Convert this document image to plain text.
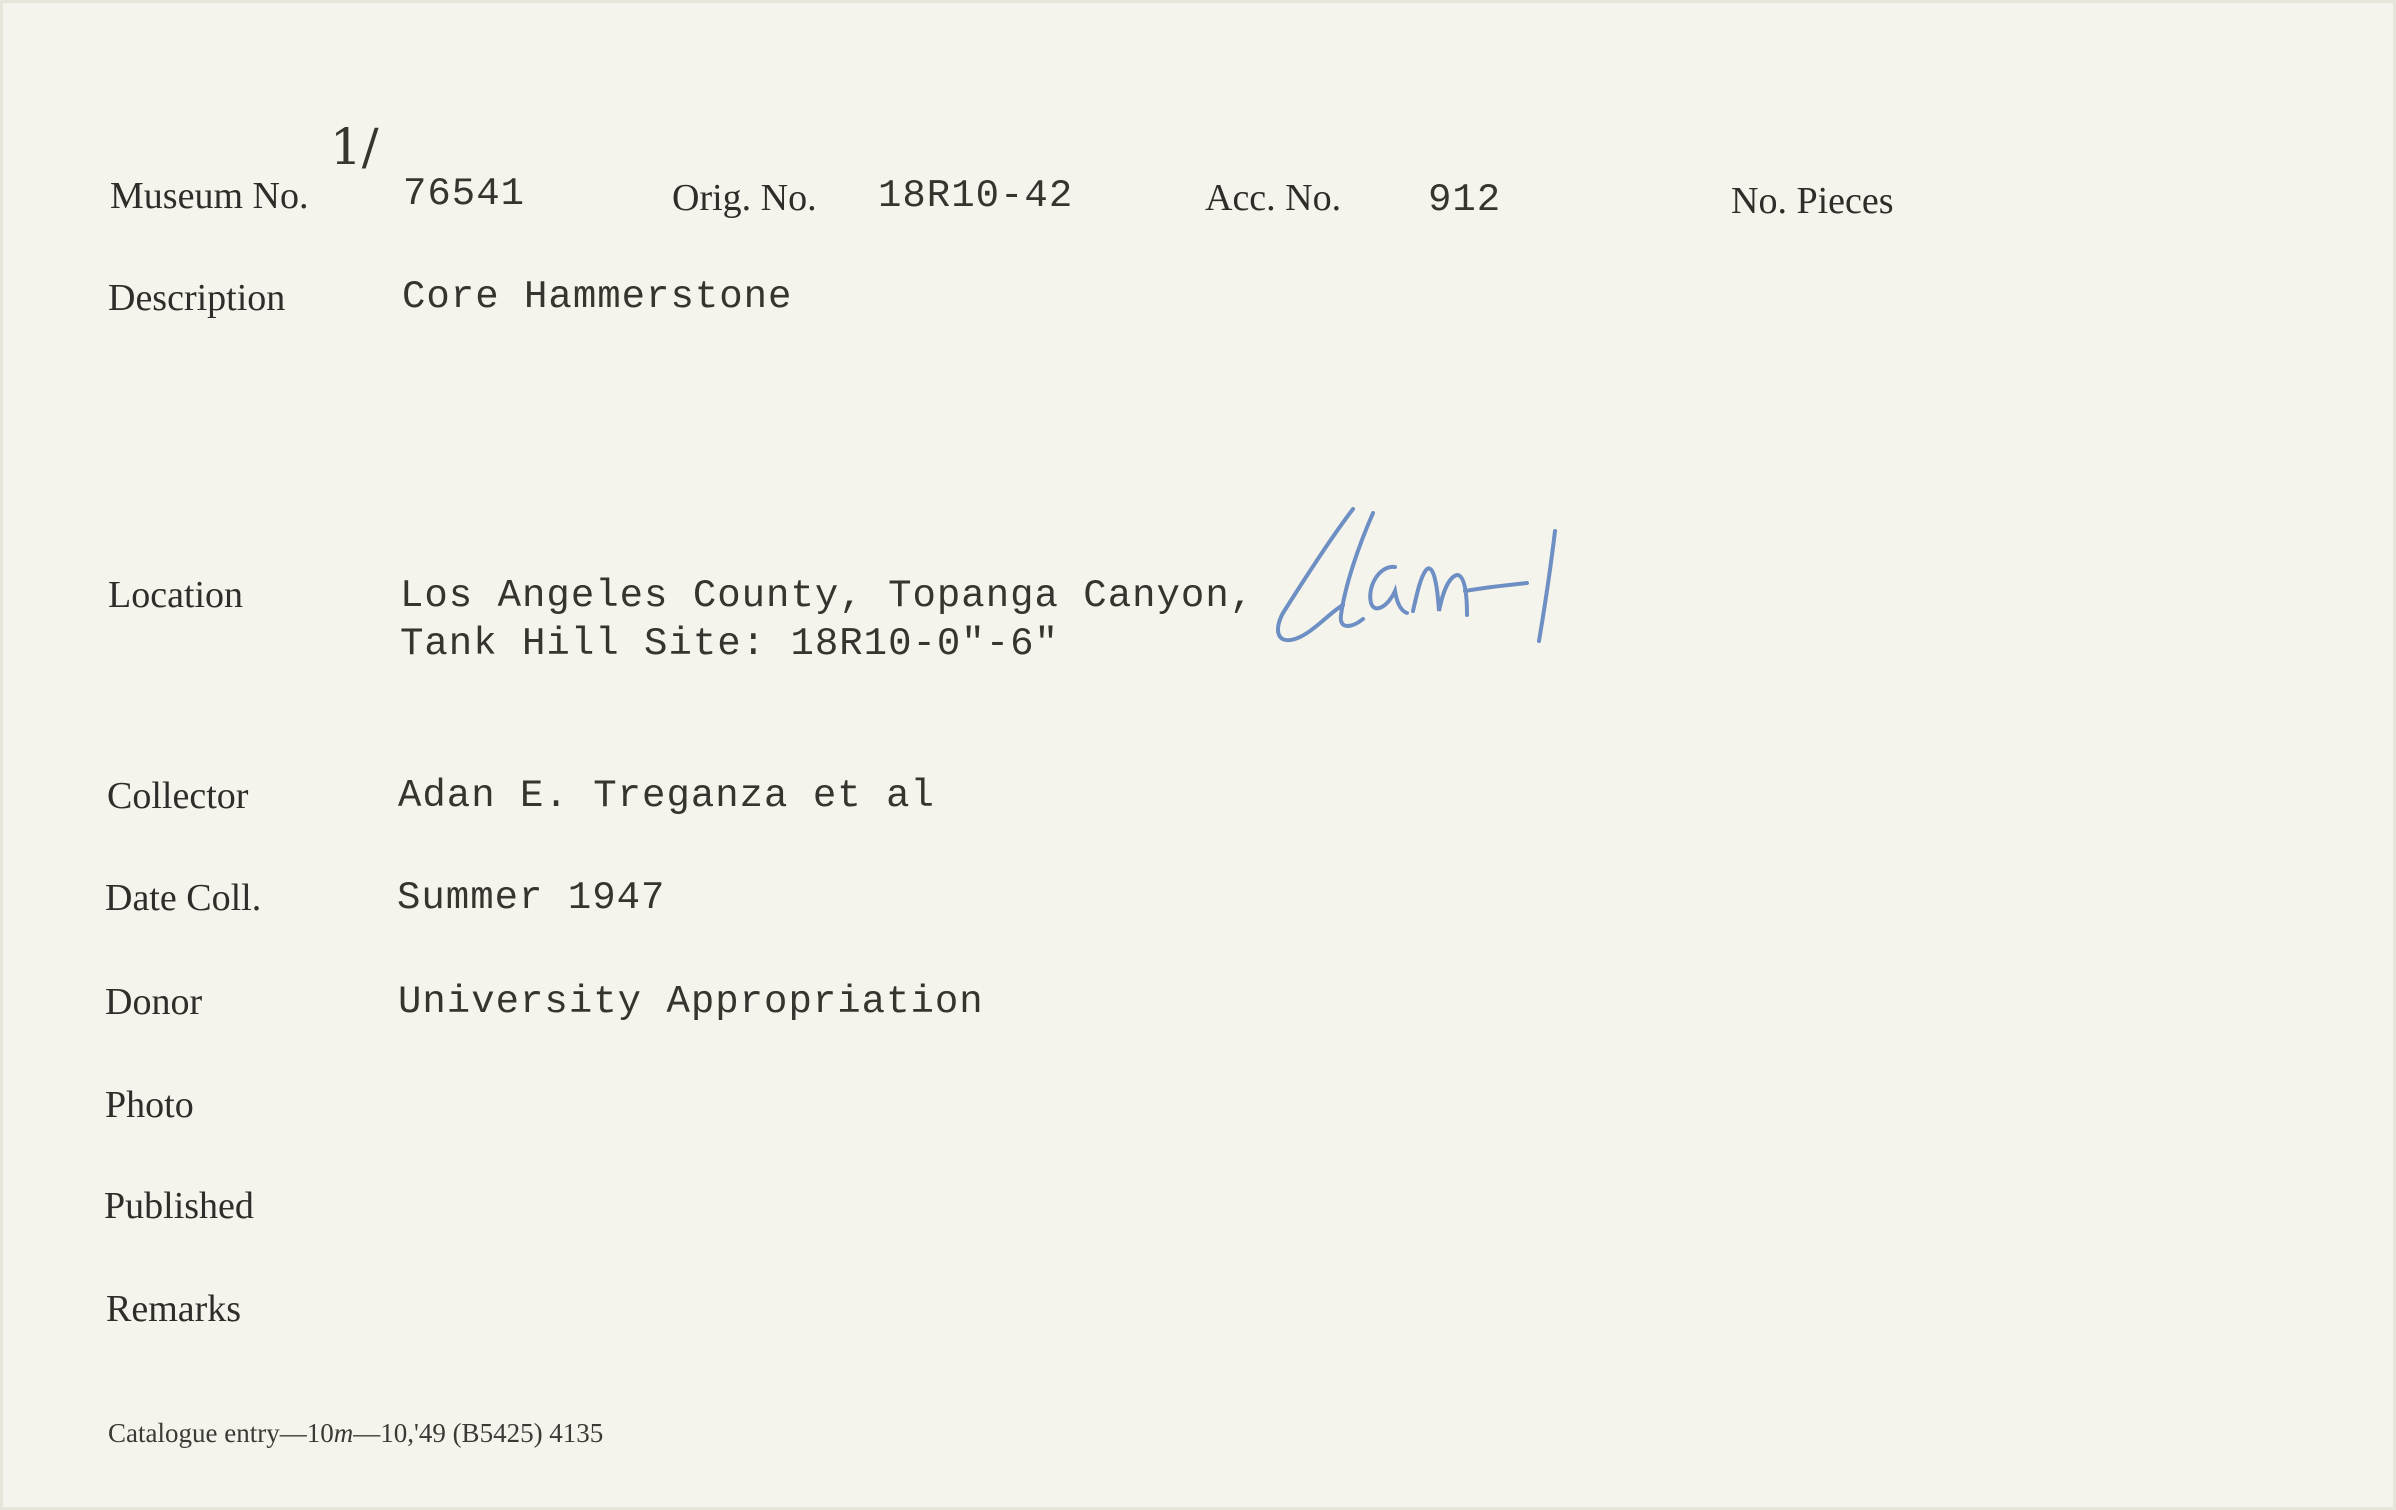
1/
Museum No. 76541	Orig. No. 18R10-42	Acc. No. 912	No. Pieces
Description	Core Hammerstone
Location	Los Angeles County, Topanga Canyon,
Tank Hill Site: 18R10-0"-6"
Collector	Adan E. Treganza et al
Date Coll.	Summer 1947
Donor	University Appropriation
Photo
Published
Remarks
Catalogue entry—10m—10,'49 (B5425) 4135
